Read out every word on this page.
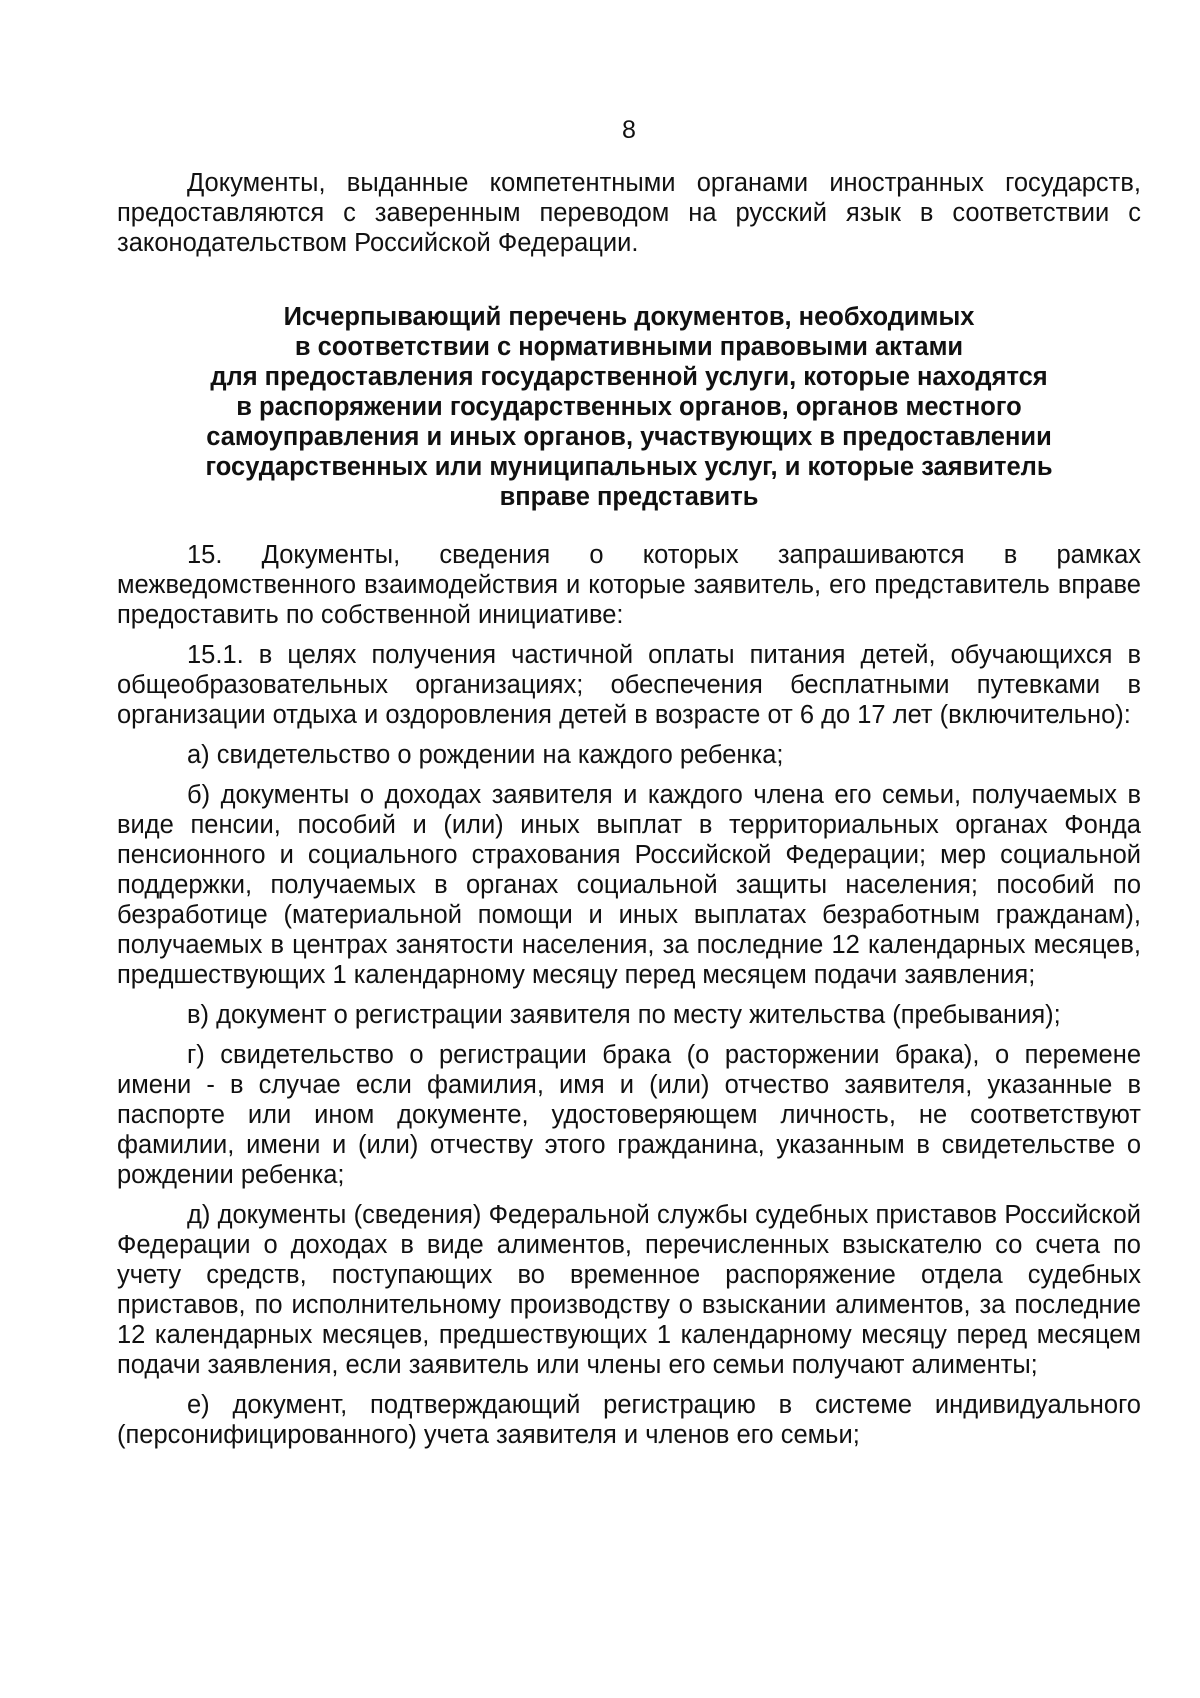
8

Документы, выданные компетентными органами иностранных государств, предоставляются с заверенным переводом на русский язык в соответствии с законодательством Российской Федерации.

Исчерпывающий перечень документов, необходимых
в соответствии с нормативными правовыми актами
для предоставления государственной услуги, которые находятся
в распоряжении государственных органов, органов местного
самоуправления и иных органов, участвующих в предоставлении
государственных или муниципальных услуг, и которые заявитель
вправе представить

15. Документы, сведения о которых запрашиваются в рамках межведомственного взаимодействия и которые заявитель, его представитель вправе предоставить по собственной инициативе:

15.1. в целях получения частичной оплаты питания детей, обучающихся в общеобразовательных организациях; обеспечения бесплатными путевками в организации отдыха и оздоровления детей в возрасте от 6 до 17 лет (включительно):

а) свидетельство о рождении на каждого ребенка;

б) документы о доходах заявителя и каждого члена его семьи, получаемых в виде пенсии, пособий и (или) иных выплат в территориальных органах Фонда пенсионного и социального страхования Российской Федерации; мер социальной поддержки, получаемых в органах социальной защиты населения; пособий по безработице (материальной помощи и иных выплатах безработным гражданам), получаемых в центрах занятости населения, за последние 12 календарных месяцев, предшествующих 1 календарному месяцу перед месяцем подачи заявления;

в) документ о регистрации заявителя по месту жительства (пребывания);

г) свидетельство о регистрации брака (о расторжении брака), о перемене имени - в случае если фамилия, имя и (или) отчество заявителя, указанные в паспорте или ином документе, удостоверяющем личность, не соответствуют фамилии, имени и (или) отчеству этого гражданина, указанным в свидетельстве о рождении ребенка;

д) документы (сведения) Федеральной службы судебных приставов Российской Федерации о доходах в виде алиментов, перечисленных взыскателю со счета по учету средств, поступающих во временное распоряжение отдела судебных приставов, по исполнительному производству о взыскании алиментов, за последние 12 календарных месяцев, предшествующих 1 календарному месяцу перед месяцем подачи заявления, если заявитель или члены его семьи получают алименты;

е) документ, подтверждающий регистрацию в системе индивидуального (персонифицированного) учета заявителя и членов его семьи;
